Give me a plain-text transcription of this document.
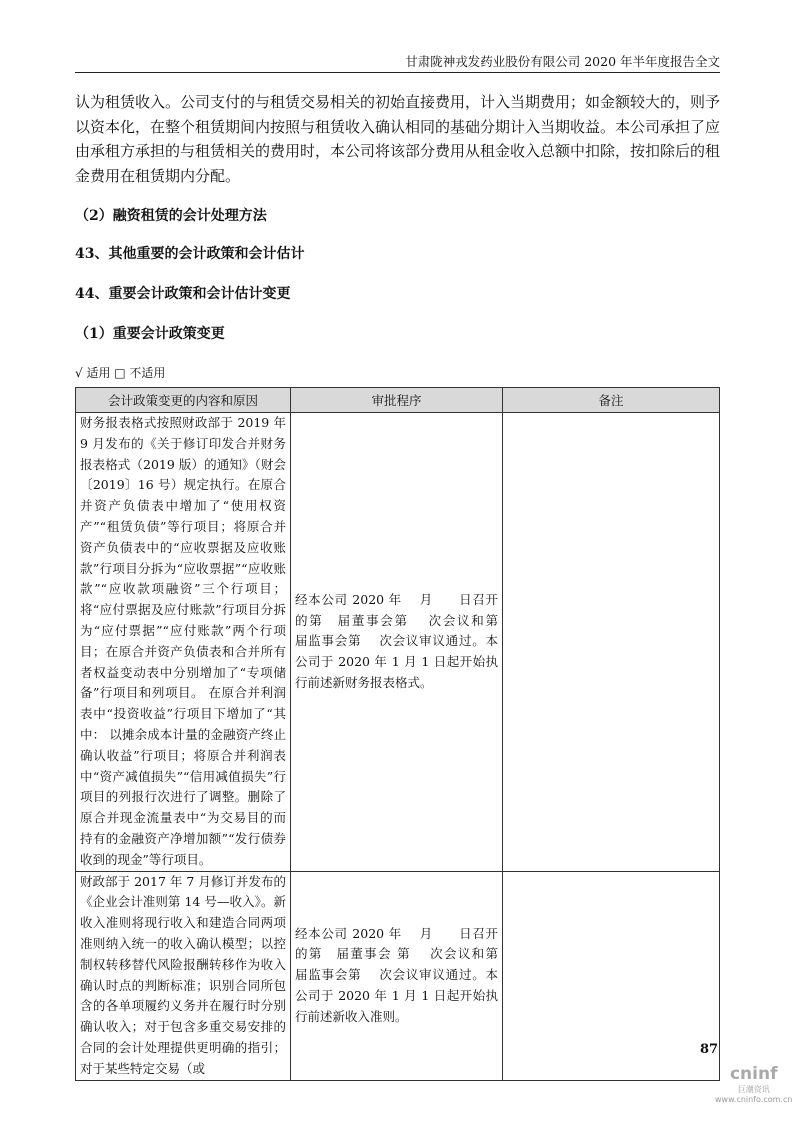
甘肃陇神戎发药业股份有限公司 2020 年半年度报告全文
认为租赁收入。公司支付的与租赁交易相关的初始直接费用，计入当期费用；如金额较大的，则予以资本化，在整个租赁期间内按照与租赁收入确认相同的基础分期计入当期收益。本公司承担了应由承租方承担的与租赁相关的费用时，本公司将该部分费用从租金收入总额中扣除，按扣除后的租金费用在租赁期内分配。
（2）融资租赁的会计处理方法
43、其他重要的会计政策和会计估计
44、重要会计政策和会计估计变更
（1）重要会计政策变更
√ 适用 □ 不适用
会计政策变更的内容和原因	审批程序	备注
财务报表格式按照财政部于 2019 年 9 月发布的《关于修订印发合并财务报表格式（2019 版）的通知》（财会〔2019〕16 号）规定执行。在原合并资产负债表中增加了“使用权资产”“租赁负债”等行项目；将原合并资产负债表中的“应收票据及应收账款”行项目分拆为“应收票据”“应收账款”“应收款项融资”三个行项目；将“应付票据及应付账款”行项目分拆为“应付票据”“应付账款”两个行项目；在原合并资产负债表和合并所有者权益变动表中分别增加了“专项储备”行项目和列项目。 在原合并利润表中“投资收益”行项目下增加了“其中： 以摊余成本计量的金融资产终止确认收益”行项目；将原合并利润表中“资产减值损失”“信用减值损失”行项目的列报行次进行了调整。删除了原合并现金流量表中“为交易目的而持有的金融资产净增加额”“发行债券收到的现金”等行项目。	经本公司 2020 年　 月　　日召开的第　届董事会第　 次会议和第　 届监事会第　 次会议审议通过。本公司于 2020 年 1 月 1 日起开始执行前述新财务报表格式。	
财政部于 2017 年 7 月修订并发布的《企业会计准则第 14 号—收入》。新收入准则将现行收入和建造合同两项准则纳入统一的收入确认模型；以控制权转移替代风险报酬转移作为收入确认时点的判断标准；识别合同所包含的各单项履约义务并在履行时分别确认收入；对于包含多重交易安排的合同的会计处理提供更明确的指引；对于某些特定交易（或	经本公司 2020 年　 月　　日召开的第　届董事会 第　 次会议和第　 届监事会第　 次会议审议通过。本公司于 2020 年 1 月 1 日起开始执行前述新收入准则。	
87
cninf
巨潮资讯
www.cninfo.com.cn
